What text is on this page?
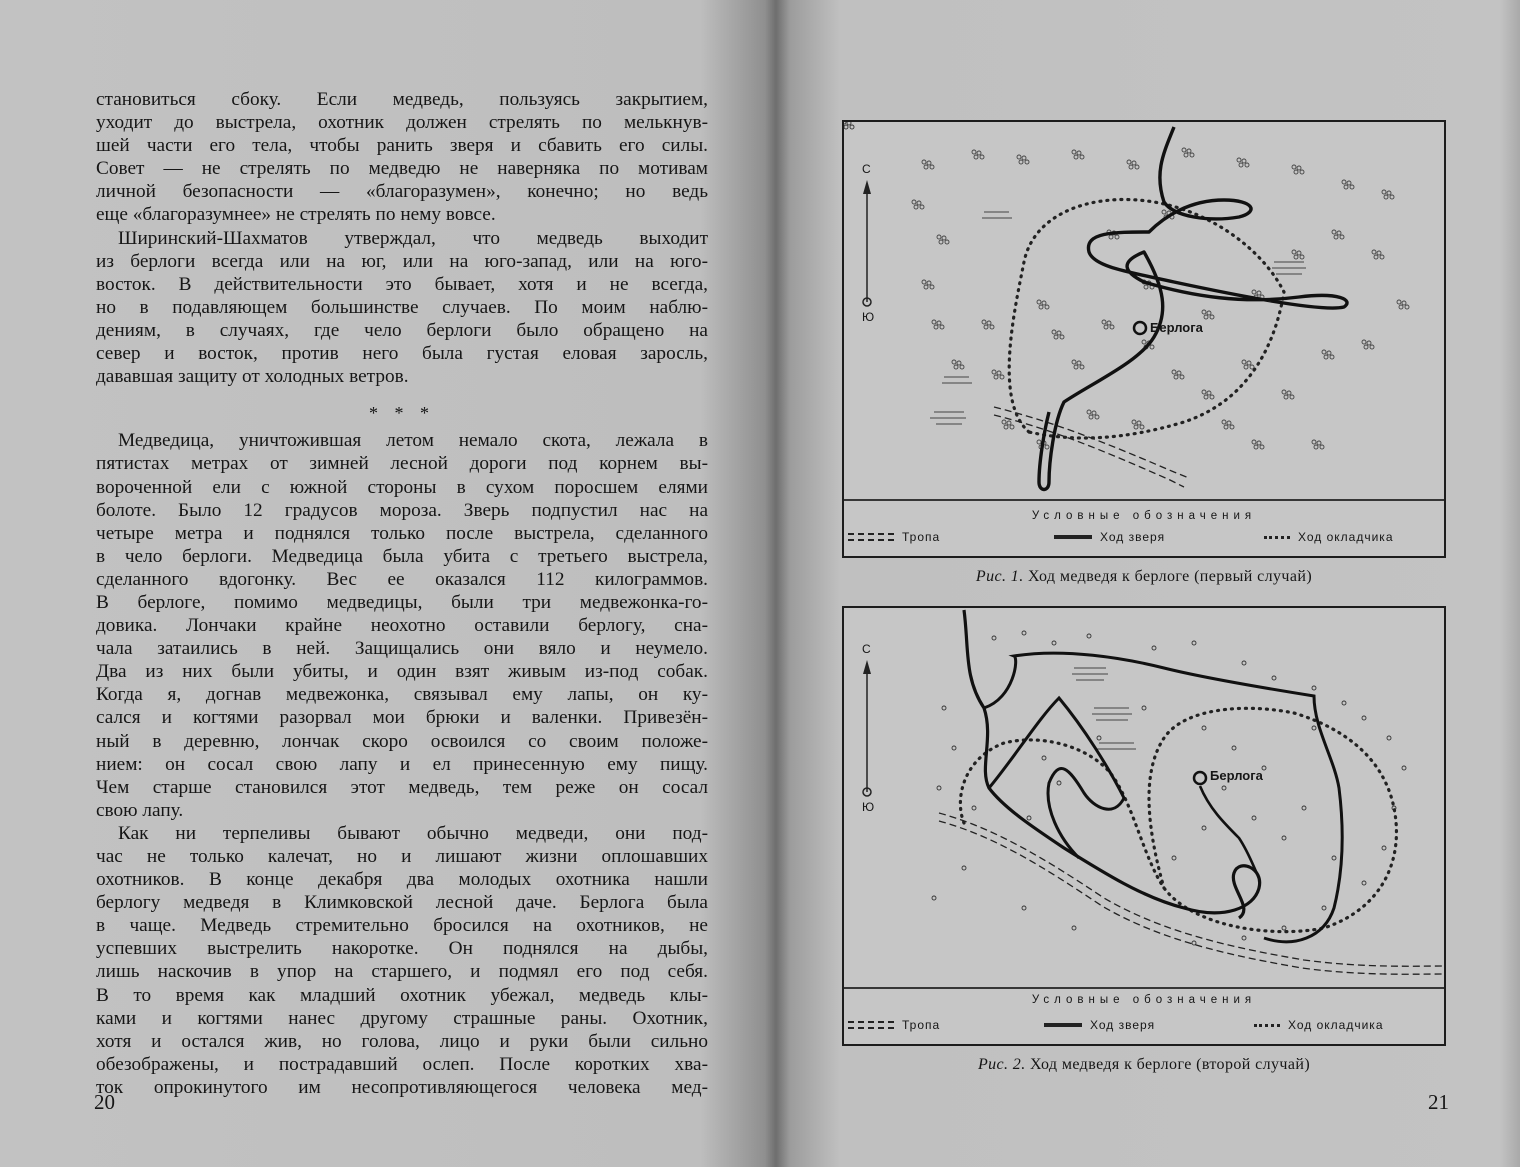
становиться сбоку. Если медведь, пользуясь закрытием,

уходит до выстрела, охотник должен стрелять по мелькнув-

шей части его тела, чтобы ранить зверя и сбавить его силы.

Совет — не стрелять по медведю не наверняка по мотивам

личной безопасности — «благоразумен», конечно; но ведь

еще «благоразумнее» не стрелять по нему вовсе.

Ширинский-Шахматов утверждал, что медведь выходит

из берлоги всегда или на юг, или на юго-запад, или на юго-

восток. В действительности это бывает, хотя и не всегда,

но в подавляющем большинстве случаев. По моим наблю-

дениям, в случаях, где чело берлоги было обращено на

север и восток, против него была густая еловая заросль,

дававшая защиту от холодных ветров.

* * *

Медведица, уничтожившая летом немало скота, лежала в

пятистах метрах от зимней лесной дороги под корнем вы-

вороченной ели с южной стороны в сухом поросшем елями

болоте. Было 12 градусов мороза. Зверь подпустил нас на

четыре метра и поднялся только после выстрела, сделанного

в чело берлоги. Медведица была убита с третьего выстрела,

сделанного вдогонку. Вес ее оказался 112 килограммов.

В берлоге, помимо медведицы, были три медвежонка-го-

довика. Лончаки крайне неохотно оставили берлогу, сна-

чала затаились в ней. Защищались они вяло и неумело.

Два из них были убиты, и один взят живым из-под собак.

Когда я, догнав медвежонка, связывал ему лапы, он ку-

сался и когтями разорвал мои брюки и валенки. Привезён-

ный в деревню, лончак скоро освоился со своим положе-

нием: он сосал свою лапу и ел принесенную ему пищу.

Чем старше становился этот медведь, тем реже он сосал

свою лапу.

Как ни терпеливы бывают обычно медведи, они под-

час не только калечат, но и лишают жизни оплошавших

охотников. В конце декабря два молодых охотника нашли

берлогу медведя в Климковской лесной даче. Берлога была

в чаще. Медведь стремительно бросился на охотников, не

успевших выстрелить накоротке. Он поднялся на дыбы,

лишь наскочив в упор на старшего, и подмял его под себя.

В то время как младший охотник убежал, медведь клы-

ками и когтями нанес другому страшные раны. Охотник,

хотя и остался жив, но голова, лицо и руки были сильно

обезображены, и пострадавший ослеп. После коротких хва-

ток опрокинутого им несопротивляющегося человека мед-

20
С
Ю
Берлога
Условные обозначения
Тропа	Ход зверя	Ход окладчика
Рис. 1. Ход медведя к берлоге (первый случай)
С
Ю
Берлога
Условные обозначения
Тропа	Ход зверя	Ход окладчика
Рис. 2. Ход медведя к берлоге (второй случай)
21
